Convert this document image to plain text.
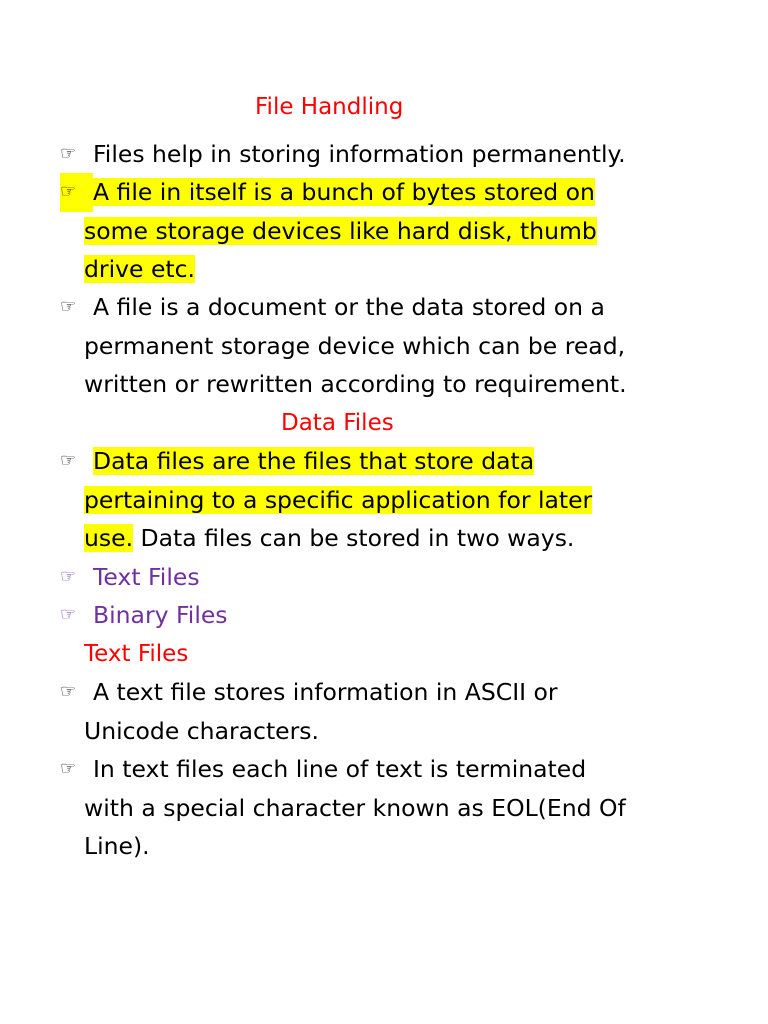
File Handling
☞ Files help in storing information permanently.
☞ A file in itself is a bunch of bytes stored on
some storage devices like hard disk, thumb
drive etc.
☞ A file is a document or the data stored on a
permanent storage device which can be read,
written or rewritten according to requirement.
Data Files
☞ Data files are the files that store data
pertaining to a specific application for later
use. Data files can be stored in two ways.
☞ Text Files
☞ Binary Files
Text Files
☞ A text file stores information in ASCII or
Unicode characters.
☞ In text files each line of text is terminated
with a special character known as EOL(End Of
Line).
